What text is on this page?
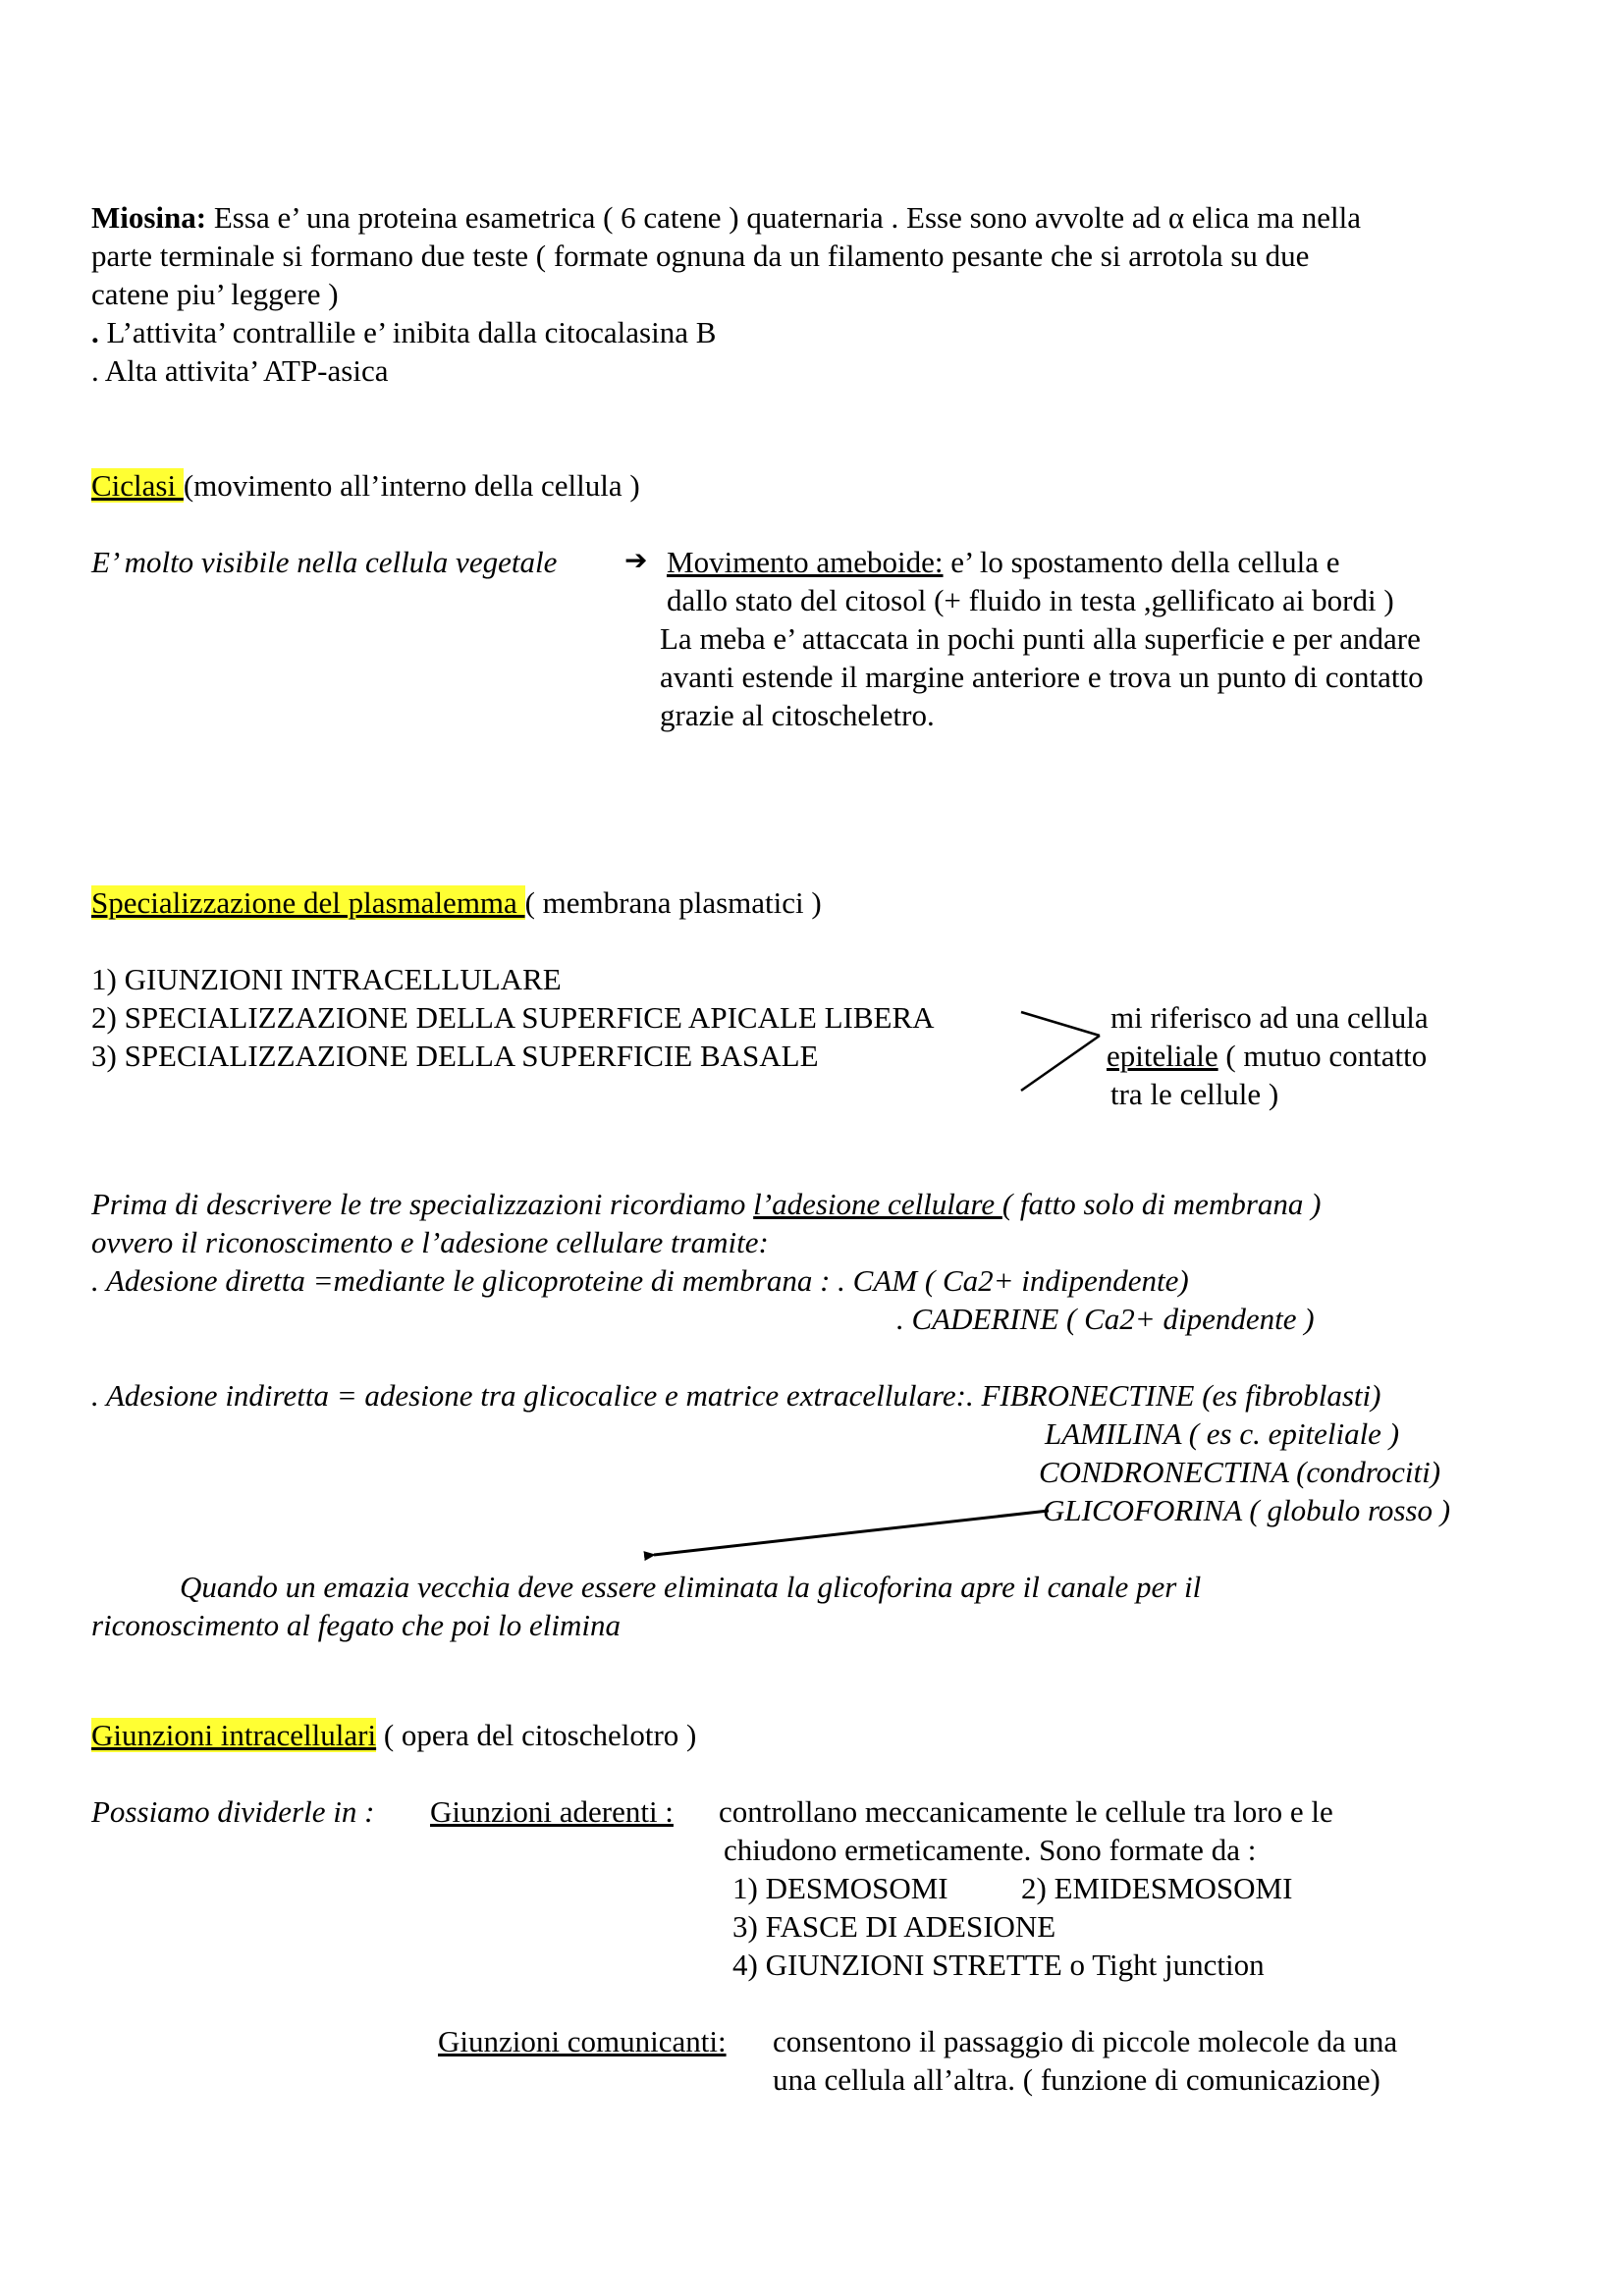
Miosina: Essa e’ una proteina esametrica ( 6 catene ) quaternaria . Esse sono avvolte ad α elica ma nella
parte terminale si formano due teste ( formate ognuna da un filamento pesante che si arrotola su due
catene piu’ leggere )
. L’attivita’ contrallile e’ inibita dalla citocalasina B
. Alta attivita’ ATP-asica
Ciclasi (movimento all’interno della cellula )
E’ molto visibile nella cellula vegetale ➔ Movimento ameboide: e’ lo spostamento della cellula e
dallo stato del citosol (+ fluido in testa ,gellificato ai bordi )
La meba e’ attaccata in pochi punti alla superficie e per andare
avanti estende il margine anteriore e trova un punto di contatto
grazie al citoscheletro.
Specializzazione del plasmalemma ( membrana plasmatici )
1) GIUNZIONI INTRACELLULARE
2) SPECIALIZZAZIONE DELLA SUPERFICE APICALE LIBERA
3) SPECIALIZZAZIONE DELLA SUPERFICIE BASALE
mi riferisco ad una cellula
epiteliale ( mutuo contatto
tra le cellule )
Prima di descrivere le tre specializzazioni ricordiamo l’adesione cellulare ( fatto solo di membrana )
ovvero il riconoscimento e l’adesione cellulare tramite:
. Adesione diretta =mediante le glicoproteine di membrana : . CAM ( Ca2+ indipendente)
. CADERINE ( Ca2+ dipendente )
. Adesione indiretta = adesione tra glicocalice e matrice extracellulare:. FIBRONECTINE (es fibroblasti)
LAMILINA ( es c. epiteliale )
CONDRONECTINA (condrociti)
GLICOFORINA ( globulo rosso )
Quando un emazia vecchia deve essere eliminata la glicoforina apre il canale per il
riconoscimento al fegato che poi lo elimina
Giunzioni intracellulari ( opera del citoschelotro )
Possiamo dividerle in : Giunzioni aderenti : controllano meccanicamente le cellule tra loro e le
chiudono ermeticamente. Sono formate da :
1) DESMOSOMI 2) EMIDESMOSOMI
3) FASCE DI ADESIONE
4) GIUNZIONI STRETTE o Tight junction
Giunzioni comunicanti: consentono il passaggio di piccole molecole da una
una cellula all’altra. ( funzione di comunicazione)
